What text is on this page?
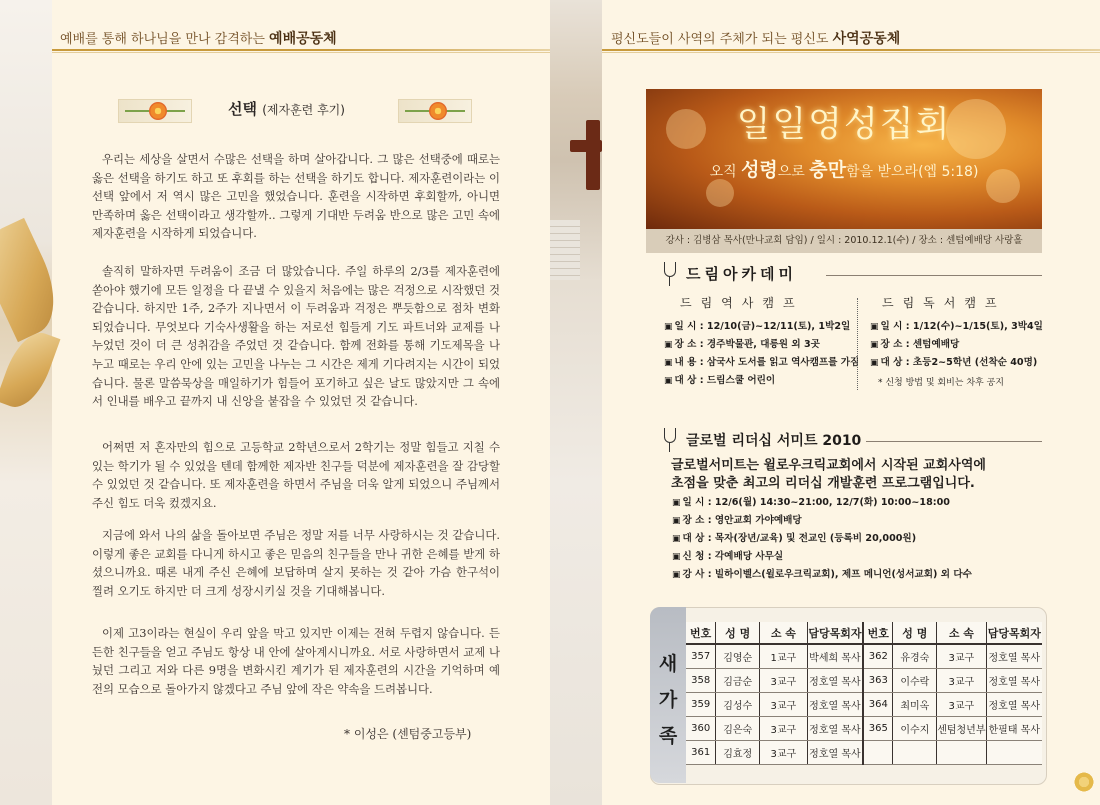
예배를 통해 하나님을 만나 감격하는 예배공동체	평신도들이 사역의 주체가 되는 평신도 사역공동체
선택 (제자훈련 후기)

우리는 세상을 살면서 수많은 선택을 하며 살아갑니다. 그 많은 선택중에 때로는 옳은 선택을 하기도 하고 또 후회를 하는 선택을 하기도 합니다. 제자훈련이라는 이 선택 앞에서 저 역시 많은 고민을 했었습니다. 훈련을 시작하면 후회할까, 아니면 만족하며 옳은 선택이라고 생각할까.. 그렇게 기대반 두려움 반으로 많은 고민 속에 제자훈련을 시작하게 되었습니다.

솔직히 말하자면 두려움이 조금 더 많았습니다. 주일 하루의 2/3를 제자훈련에 쏟아야 했기에 모든 일정을 다 끝낼 수 있을지 처음에는 많은 걱정으로 시작했던 것 같습니다. 하지만 1주, 2주가 지나면서 이 두려움과 걱정은 뿌듯함으로 점차 변화되었습니다. 무엇보다 기숙사생활을 하는 저로선 힘들게 기도 파트너와 교제를 나누었던 것이 더 큰 성취감을 주었던 것 같습니다. 함께 전화를 통해 기도제목을 나누고 때로는 우리 안에 있는 고민을 나누는 그 시간은 제게 기다려지는 시간이 되었습니다. 물론 말씀묵상을 매일하기가 힘들어 포기하고 싶은 날도 많았지만 그 속에서 인내를 배우고 끝까지 내 신앙을 붙잡을 수 있었던 것 같습니다.

어쩌면 저 혼자만의 힘으로 고등학교 2학년으로서 2학기는 정말 힘들고 지칠 수 있는 학기가 될 수 있었을 텐데 함께한 제자반 친구들 덕분에 제자훈련을 잘 감당할 수 있었던 것 같습니다. 또 제자훈련을 하면서 주님을 더욱 알게 되었으니 주님께서 주신 힘도 더욱 컸겠지요.

지금에 와서 나의 삶을 돌아보면 주님은 정말 저를 너무 사랑하시는 것 같습니다. 이렇게 좋은 교회를 다니게 하시고 좋은 믿음의 친구들을 만나 귀한 은혜를 받게 하셨으니까요. 때론 내게 주신 은혜에 보답하며 살지 못하는 것 같아 가슴 한구석이 찔려 오기도 하지만 더 크게 성장시키실 것을 기대해봅니다.

이제 고3이라는 현실이 우리 앞을 막고 있지만 이제는 전혀 두렵지 않습니다. 든든한 친구들을 얻고 주님도 항상 내 안에 살아계시니까요. 서로 사랑하면서 교제 나눴던 그리고 저와 다른 9명을 변화시킨 계기가 된 제자훈련의 시간을 기억하며 예전의 모습으로 돌아가지 않겠다고 주님 앞에 작은 약속을 드려봅니다.

* 이성은 (센텀중고등부)
일일영성집회
오직 성령으로 충만함을 받으라(엡 5:18)
강사 : 김병삼 목사(만나교회 담임) / 일시 : 2010.12.1(수) / 장소 : 센텀예배당 사랑홀
드림아카데미
드림역사캠프
▣ 일 시 : 12/10(금)~12/11(토), 1박2일
▣ 장 소 : 경주박물관, 대릉원 외 3곳
▣ 내 용 : 삼국사 도서를 읽고 역사캠프를 가짐
▣ 대 상 : 드림스쿨 어린이
드림독서캠프
▣ 일 시 : 1/12(수)~1/15(토), 3박4일
▣ 장 소 : 센텀예배당
▣ 대 상 : 초등2~5학년 (선착순 40명)
* 신청 방법 및 회비는 차후 공지
글로벌 리더십 서미트 2010
글로벌서미트는 윌로우크릭교회에서 시작된 교회사역에
초점을 맞춘 최고의 리더십 개발훈련 프로그램입니다.
▣ 일 시 : 12/6(월) 14:30~21:00, 12/7(화) 10:00~18:00
▣ 장 소 : 영안교회 가야예배당
▣ 대 상 : 목자(장년/교육) 및 전교인 (등록비 20,000원)
▣ 신 청 : 각예배당 사무실
▣ 강 사 : 빌하이벨스(윌로우크릭교회), 제프 메니언(성서교회) 외 다수
새
가
족
번호	성 명	소 속	담당목회자	번호	성 명	소 속	담당목회자
357	김영순	1교구	박세희 목사	362	유경숙	3교구	정호열 목사
358	김금순	3교구	정호열 목사	363	이수락	3교구	정호열 목사
359	김성수	3교구	정호열 목사	364	최미옥	3교구	정호열 목사
360	김은숙	3교구	정호열 목사	365	이수지	센텀청년부	한필태 목사
361	김효정	3교구	정호열 목사				
